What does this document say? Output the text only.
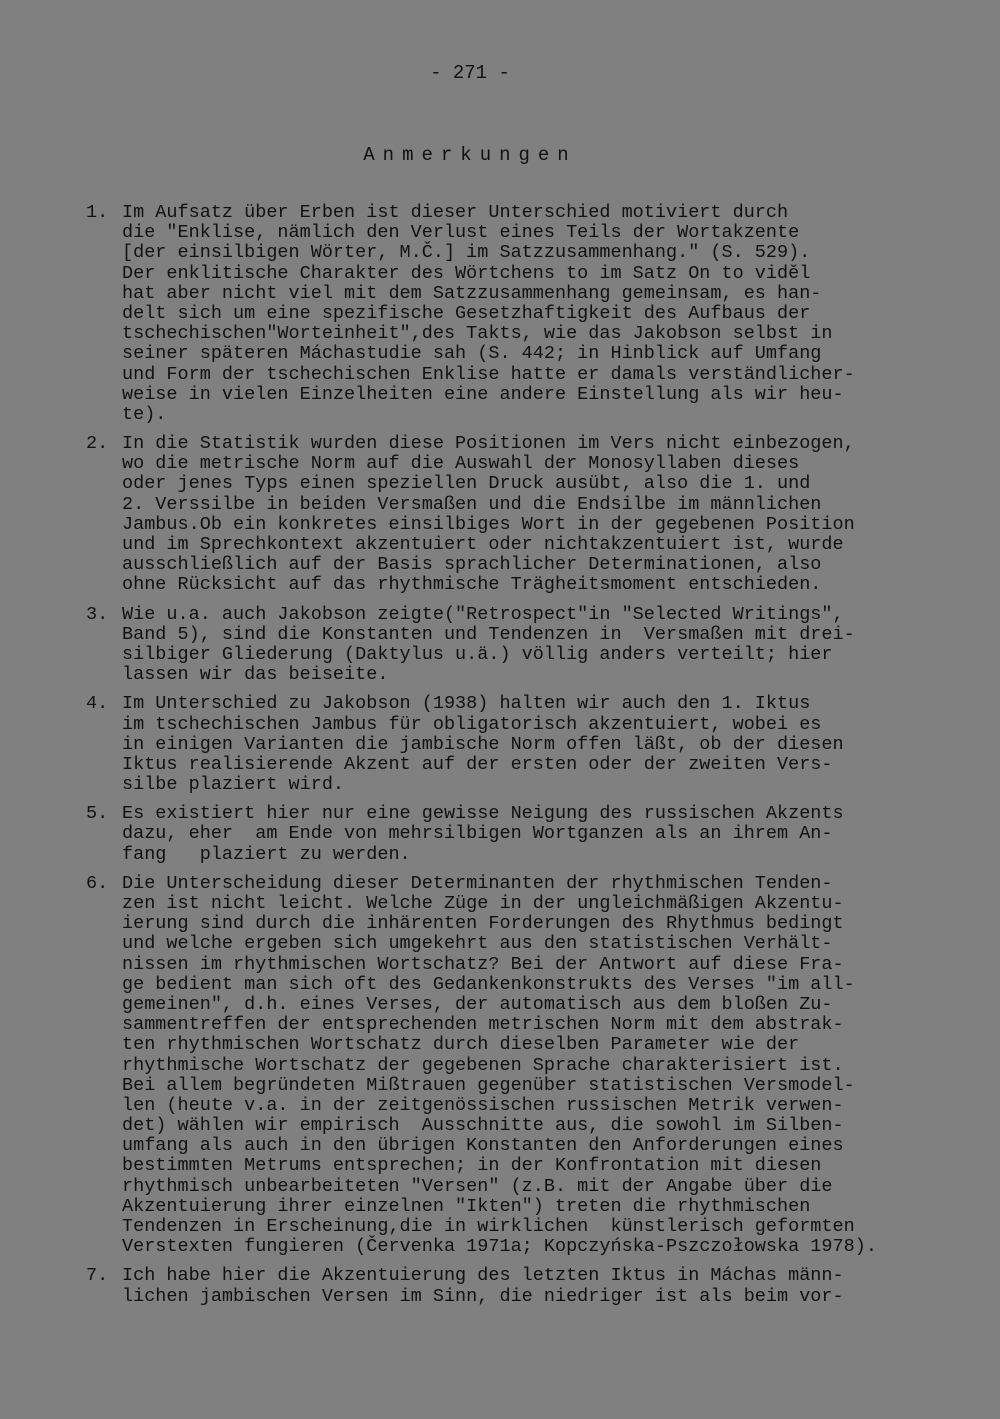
- 271 -
Anmerkungen
1. Im Aufsatz über Erben ist dieser Unterschied motiviert durch
die "Enklise, nämlich den Verlust eines Teils der Wortakzente
[der einsilbigen Wörter, M.Č.] im Satzzusammenhang." (S. 529).
Der enklitische Charakter des Wörtchens to im Satz On to viděl
hat aber nicht viel mit dem Satzzusammenhang gemeinsam, es han-
delt sich um eine spezifische Gesetzhaftigkeit des Aufbaus der
tschechischen"Worteinheit",des Takts, wie das Jakobson selbst in
seiner späteren Máchastudie sah (S. 442; in Hinblick auf Umfang
und Form der tschechischen Enklise hatte er damals verständlicher-
weise in vielen Einzelheiten eine andere Einstellung als wir heu-
te).
2. In die Statistik wurden diese Positionen im Vers nicht einbezogen,
wo die metrische Norm auf die Auswahl der Monosyllaben dieses
oder jenes Typs einen speziellen Druck ausübt, also die 1. und
2. Verssilbe in beiden Versmaßen und die Endsilbe im männlichen
Jambus.Ob ein konkretes einsilbiges Wort in der gegebenen Position
und im Sprechkontext akzentuiert oder nichtakzentuiert ist, wurde
ausschließlich auf der Basis sprachlicher Determinationen, also
ohne Rücksicht auf das rhythmische Trägheitsmoment entschieden.
3. Wie u.a. auch Jakobson zeigte("Retrospect"in "Selected Writings",
Band 5), sind die Konstanten und Tendenzen in  Versmaßen mit drei-
silbiger Gliederung (Daktylus u.ä.) völlig anders verteilt; hier
lassen wir das beiseite.
4. Im Unterschied zu Jakobson (1938) halten wir auch den 1. Iktus
im tschechischen Jambus für obligatorisch akzentuiert, wobei es
in einigen Varianten die jambische Norm offen läßt, ob der diesen
Iktus realisierende Akzent auf der ersten oder der zweiten Vers-
silbe plaziert wird.
5. Es existiert hier nur eine gewisse Neigung des russischen Akzents
dazu, eher  am Ende von mehrsilbigen Wortganzen als an ihrem An-
fang   plaziert zu werden.
6. Die Unterscheidung dieser Determinanten der rhythmischen Tenden-
zen ist nicht leicht. Welche Züge in der ungleichmäßigen Akzentu-
ierung sind durch die inhärenten Forderungen des Rhythmus bedingt
und welche ergeben sich umgekehrt aus den statistischen Verhält-
nissen im rhythmischen Wortschatz? Bei der Antwort auf diese Fra-
ge bedient man sich oft des Gedankenkonstrukts des Verses "im all-
gemeinen", d.h. eines Verses, der automatisch aus dem bloßen Zu-
sammentreffen der entsprechenden metrischen Norm mit dem abstrak-
ten rhythmischen Wortschatz durch dieselben Parameter wie der
rhythmische Wortschatz der gegebenen Sprache charakterisiert ist.
Bei allem begründeten Mißtrauen gegenüber statistischen Versmodel-
len (heute v.a. in der zeitgenössischen russischen Metrik verwen-
det) wählen wir empirisch  Ausschnitte aus, die sowohl im Silben-
umfang als auch in den übrigen Konstanten den Anforderungen eines
bestimmten Metrums entsprechen; in der Konfrontation mit diesen
rhythmisch unbearbeiteten "Versen" (z.B. mit der Angabe über die
Akzentuierung ihrer einzelnen "Ikten") treten die rhythmischen
Tendenzen in Erscheinung,die in wirklichen  künstlerisch geformten
Verstexten fungieren (Červenka 1971a; Kopczyńska-Pszczołowska 1978).
7. Ich habe hier die Akzentuierung des letzten Iktus in Máchas männ-
lichen jambischen Versen im Sinn, die niedriger ist als beim vor-
